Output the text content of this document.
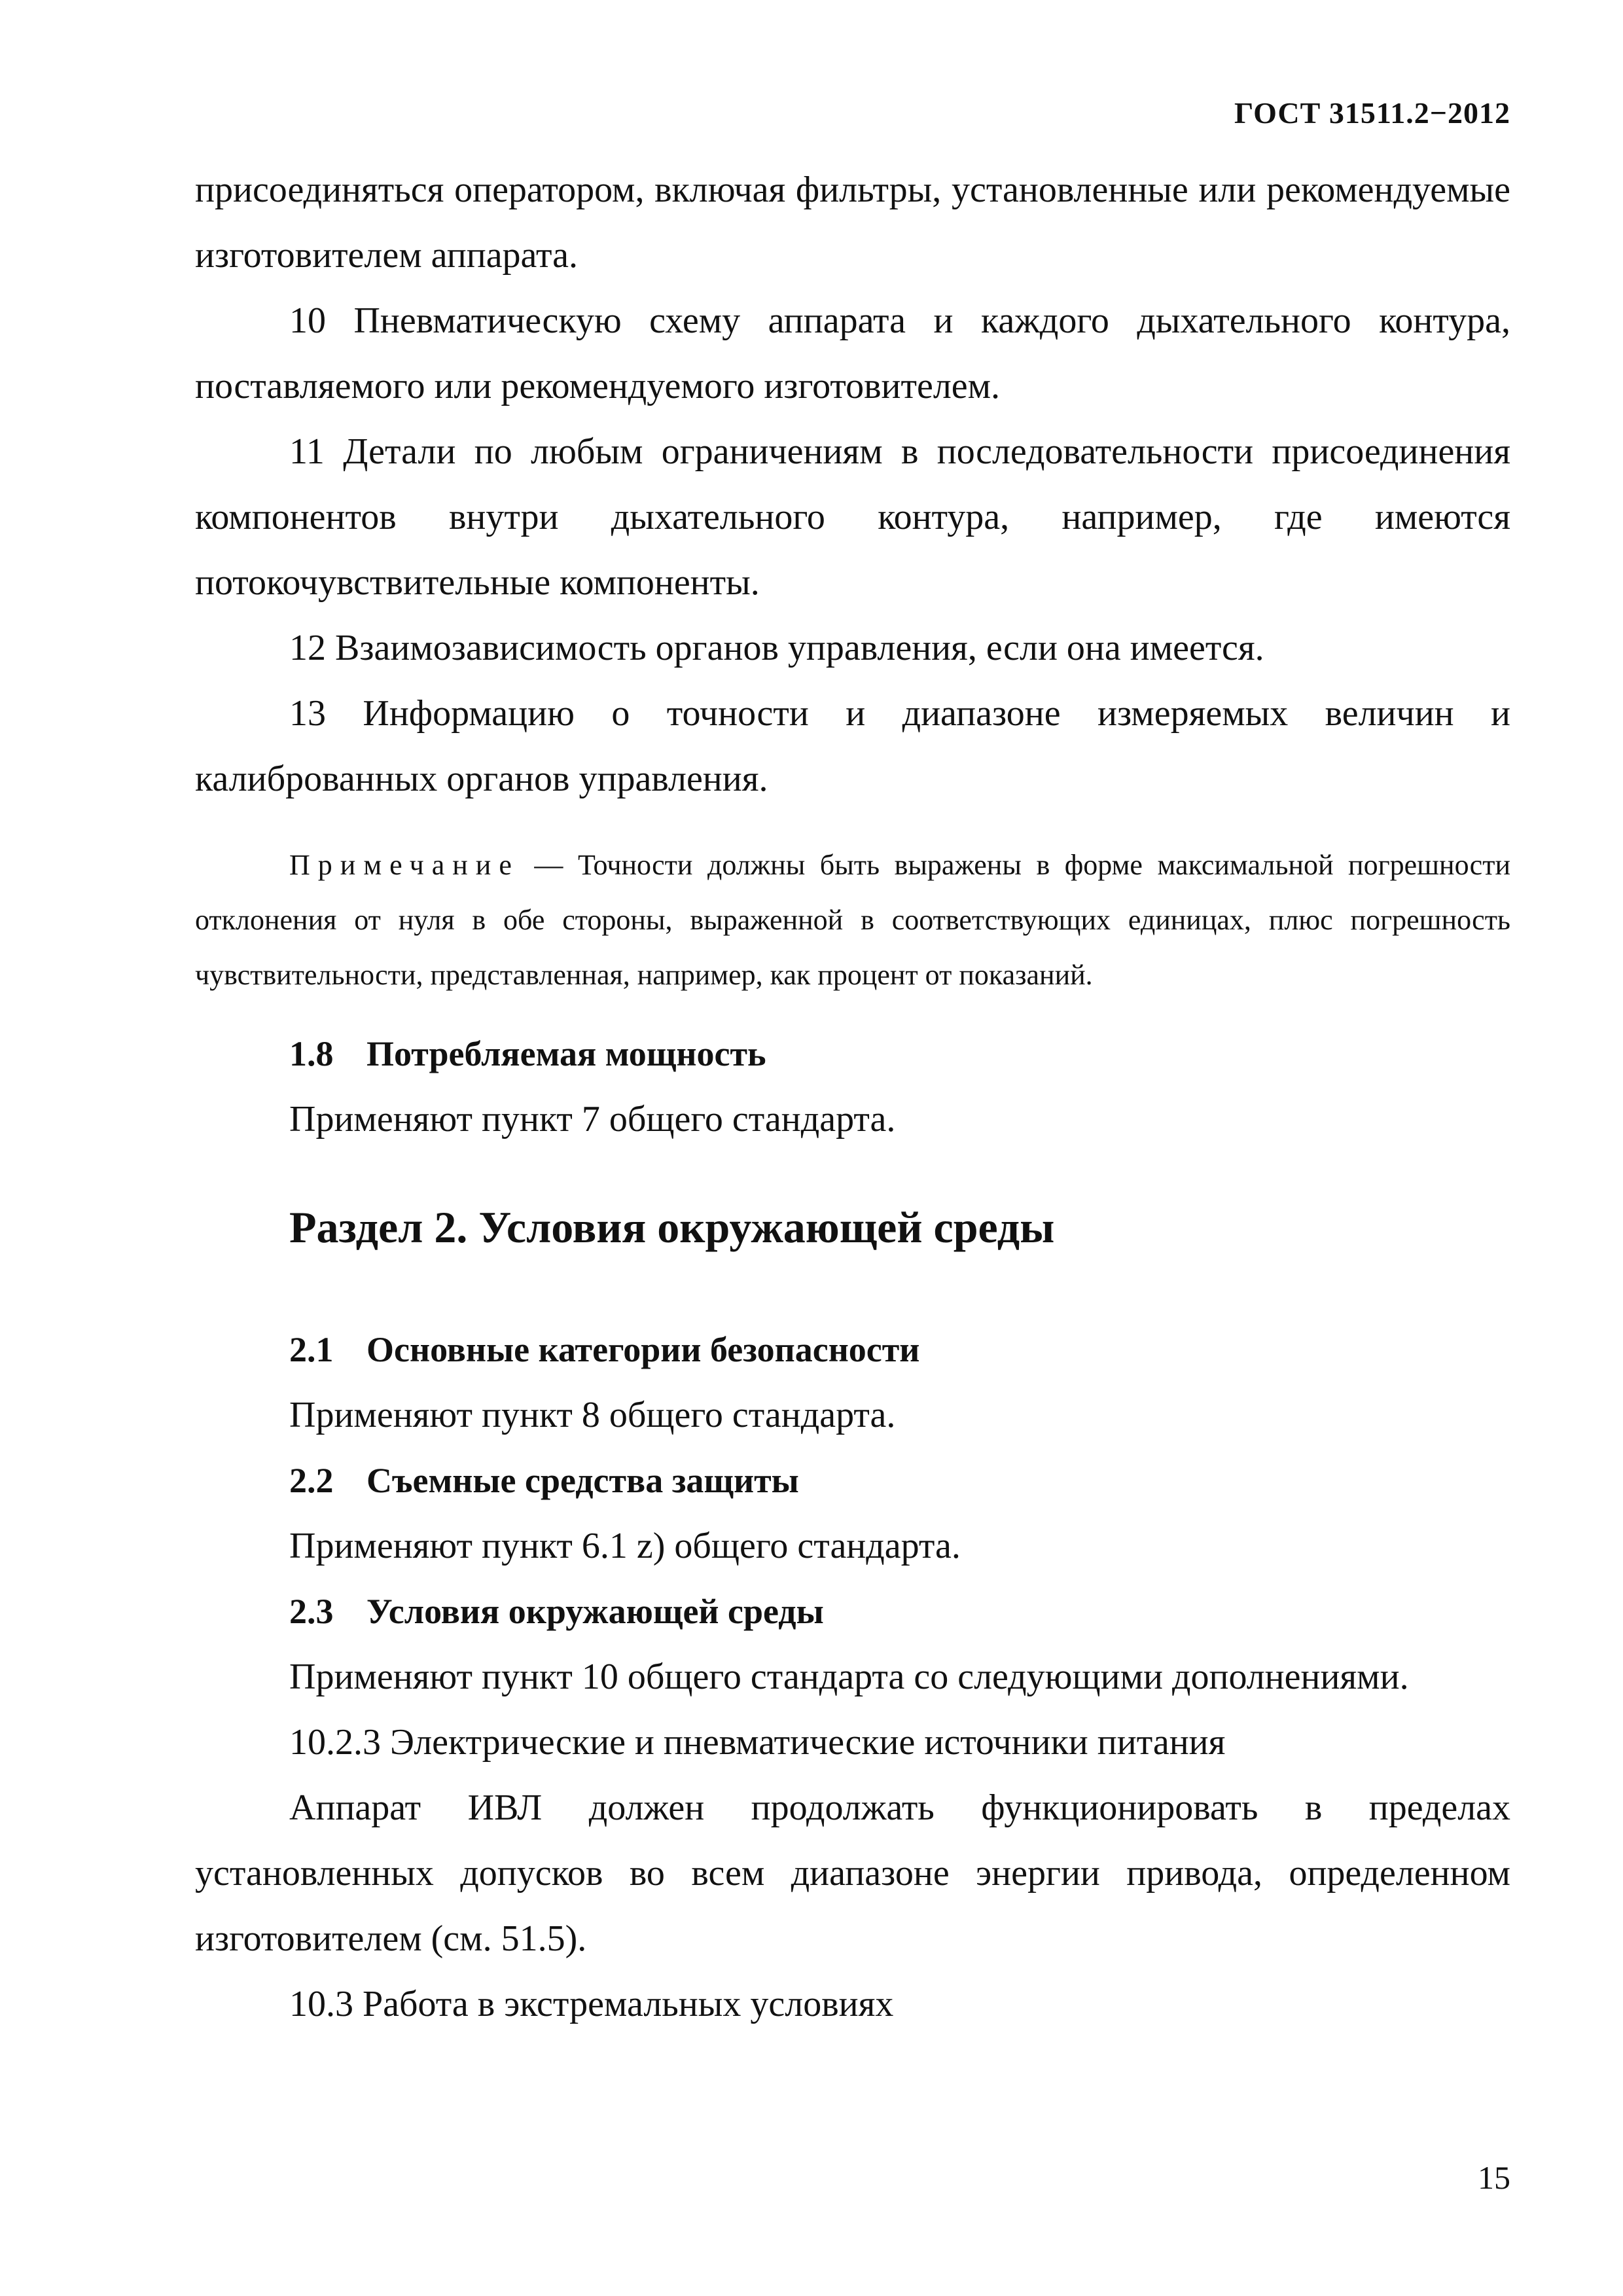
ГОСТ 31511.2−2012

присоединяться оператором, включая фильтры, установленные или рекомендуемые изготовителем аппарата.

10 Пневматическую схему аппарата и каждого дыхательного контура, поставляемого или рекомендуемого изготовителем.

11 Детали по любым ограничениям в последовательности присоединения компонентов внутри дыхательного контура, например, где имеются потокочувствительные компоненты.

12 Взаимозависимость органов управления, если она имеется.

13 Информацию о точности и диапазоне измеряемых величин и калиброванных органов управления.

Примечание — Точности должны быть выражены в форме максимальной погрешности отклонения от нуля в обе стороны, выраженной в соответствующих единицах, плюс погрешность чувствительности, представленная, например, как процент от показаний.

1.8 Потребляемая мощность

Применяют пункт 7 общего стандарта.

Раздел 2. Условия окружающей среды
2.1 Основные категории безопасности

Применяют пункт 8 общего стандарта.

2.2 Съемные средства защиты

Применяют пункт 6.1 z) общего стандарта.

2.3 Условия окружающей среды

Применяют пункт 10 общего стандарта со следующими дополнениями.

10.2.3 Электрические и пневматические источники питания

Аппарат ИВЛ должен продолжать функционировать в пределах установленных допусков во всем диапазоне энергии привода, определенном изготовителем (см. 51.5).

10.3 Работа в экстремальных условиях

15
